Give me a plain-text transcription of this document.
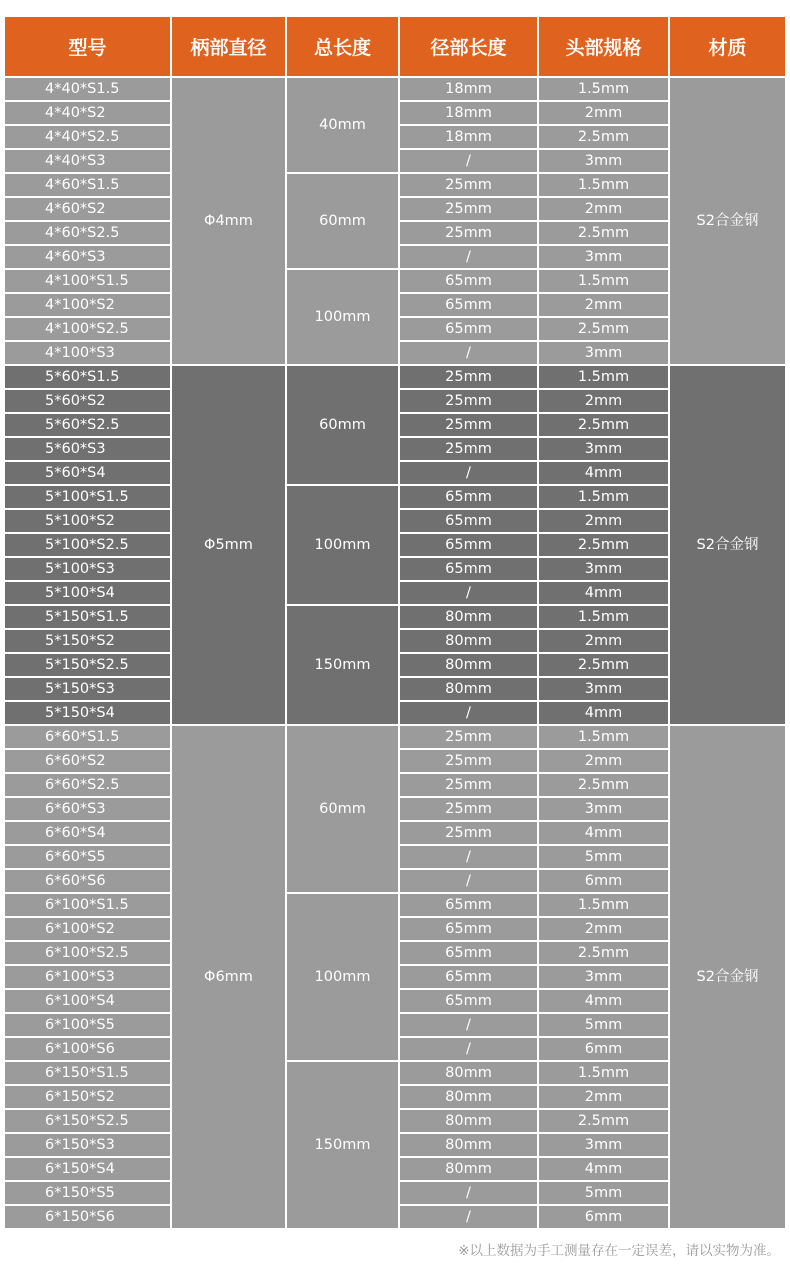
型号	柄部直径	总长度	径部长度	头部规格	材质
4*40*S1.5	Φ4mm	40mm	18mm	1.5mm	S2合金钢
4*40*S2			18mm	2mm	
4*40*S2.5			18mm	2.5mm	
4*40*S3			/	3mm	
4*60*S1.5		60mm	25mm	1.5mm	
4*60*S2			25mm	2mm	
4*60*S2.5			25mm	2.5mm	
4*60*S3			/	3mm	
4*100*S1.5		100mm	65mm	1.5mm	
4*100*S2			65mm	2mm	
4*100*S2.5			65mm	2.5mm	
4*100*S3			/	3mm	
5*60*S1.5	Φ5mm	60mm	25mm	1.5mm	S2合金钢
5*60*S2			25mm	2mm	
5*60*S2.5			25mm	2.5mm	
5*60*S3			25mm	3mm	
5*60*S4			/	4mm	
5*100*S1.5		100mm	65mm	1.5mm	
5*100*S2			65mm	2mm	
5*100*S2.5			65mm	2.5mm	
5*100*S3			65mm	3mm	
5*100*S4			/	4mm	
5*150*S1.5		150mm	80mm	1.5mm	
5*150*S2			80mm	2mm	
5*150*S2.5			80mm	2.5mm	
5*150*S3			80mm	3mm	
5*150*S4			/	4mm	
6*60*S1.5	Φ6mm	60mm	25mm	1.5mm	S2合金钢
6*60*S2			25mm	2mm	
6*60*S2.5			25mm	2.5mm	
6*60*S3			25mm	3mm	
6*60*S4			25mm	4mm	
6*60*S5			/	5mm	
6*60*S6			/	6mm	
6*100*S1.5		100mm	65mm	1.5mm	
6*100*S2			65mm	2mm	
6*100*S2.5			65mm	2.5mm	
6*100*S3			65mm	3mm	
6*100*S4			65mm	4mm	
6*100*S5			/	5mm	
6*100*S6			/	6mm	
6*150*S1.5		150mm	80mm	1.5mm	
6*150*S2			80mm	2mm	
6*150*S2.5			80mm	2.5mm	
6*150*S3			80mm	3mm	
6*150*S4			80mm	4mm	
6*150*S5			/	5mm	
6*150*S6			/	6mm	
※以上数据为手工测量存在一定误差，请以实物为准。
